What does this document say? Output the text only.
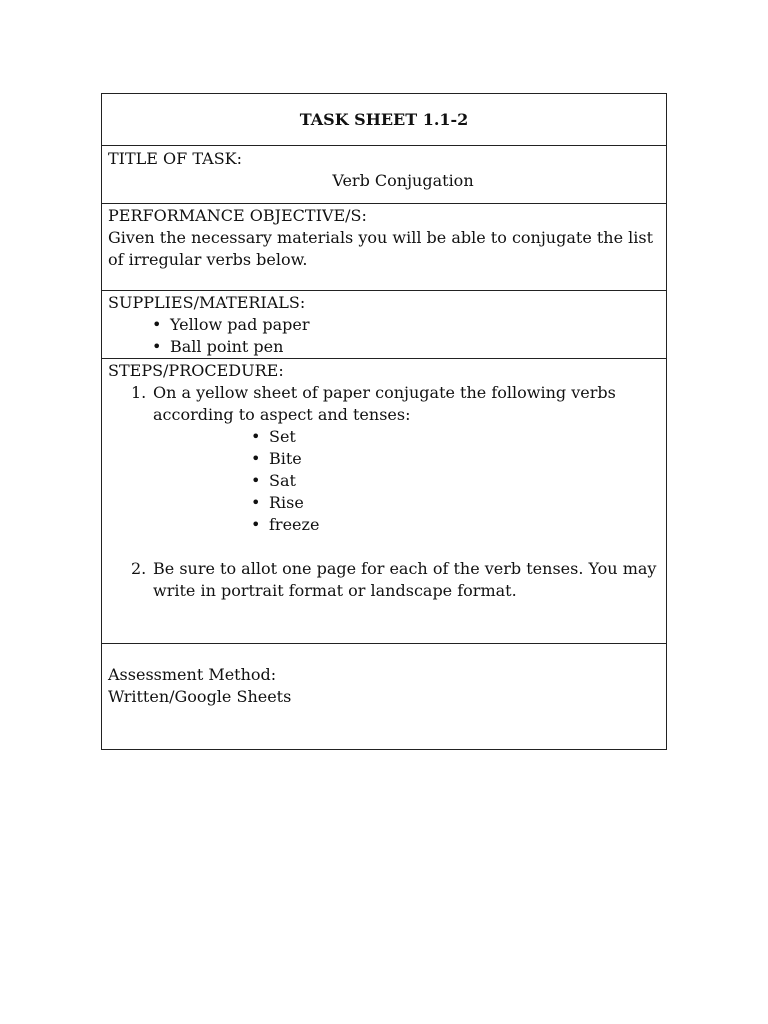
TASK SHEET 1.1-2

TITLE OF TASK:
Verb Conjugation

PERFORMANCE OBJECTIVE/S:
Given the necessary materials you will be able to conjugate the list of irregular verbs below.

SUPPLIES/MATERIALS:
• Yellow pad paper
• Ball point pen

STEPS/PROCEDURE:
1. On a yellow sheet of paper conjugate the following verbs according to aspect and tenses:
• Set
• Bite
• Sat
• Rise
• freeze
2. Be sure to allot one page for each of the verb tenses. You may write in portrait format or landscape format.

Assessment Method:
Written/Google Sheets
